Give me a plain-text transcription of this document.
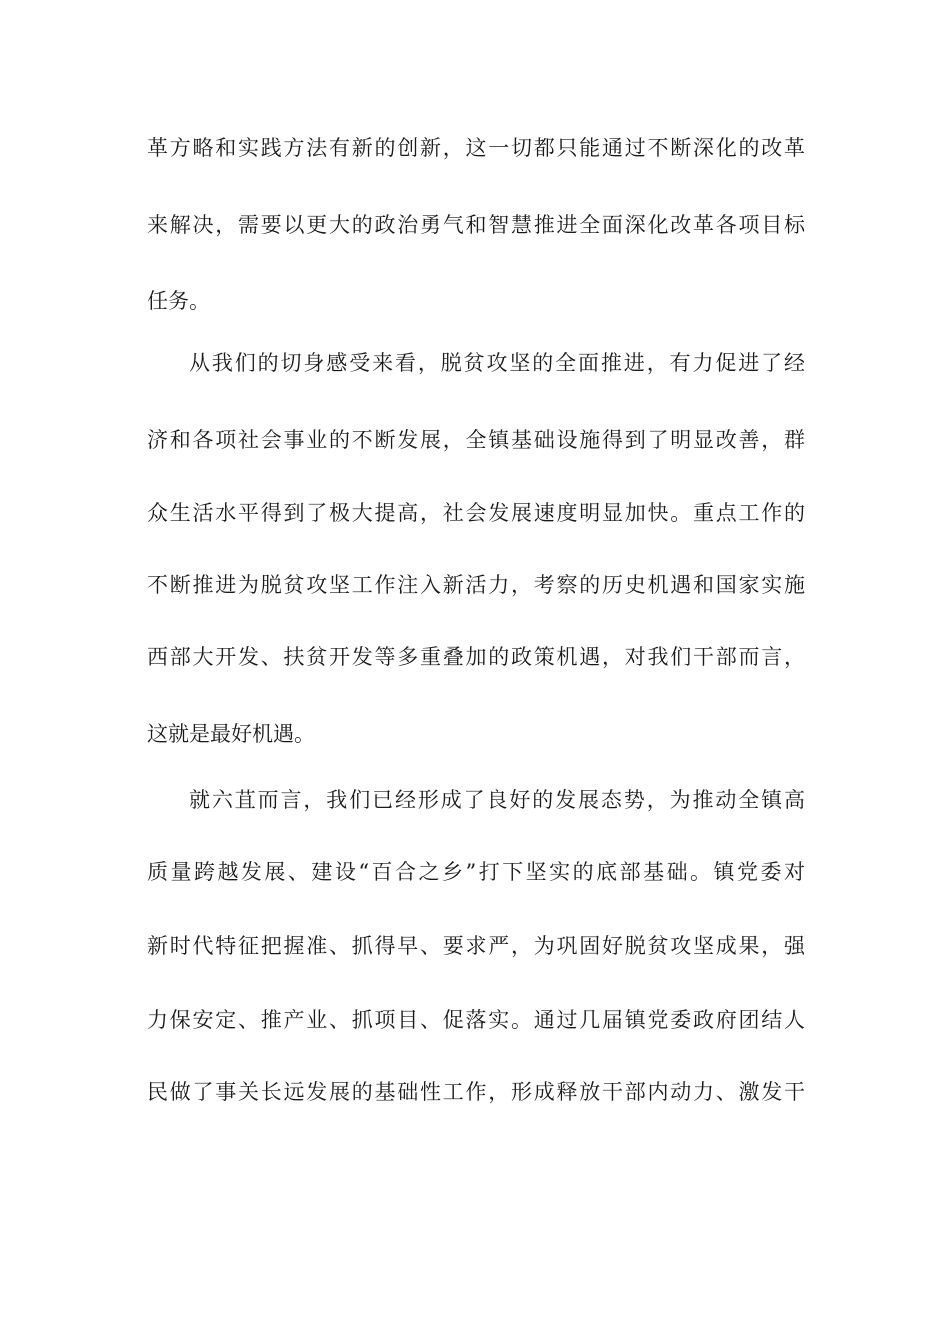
革方略和实践方法有新的创新，这一切都只能通过不断深化的改革
来解决，需要以更大的政治勇气和智慧推进全面深化改革各项目标
任务。
从我们的切身感受来看，脱贫攻坚的全面推进，有力促进了经
济和各项社会事业的不断发展，全镇基础设施得到了明显改善，群
众生活水平得到了极大提高，社会发展速度明显加快。重点工作的
不断推进为脱贫攻坚工作注入新活力，考察的历史机遇和国家实施
西部大开发、扶贫开发等多重叠加的政策机遇，对我们干部而言，
这就是最好机遇。
就六苴而言，我们已经形成了良好的发展态势，为推动全镇高
质量跨越发展、建设“百合之乡”打下坚实的底部基础。镇党委对
新时代特征把握准、抓得早、要求严，为巩固好脱贫攻坚成果，强
力保安定、推产业、抓项目、促落实。通过几届镇党委政府团结人
民做了事关长远发展的基础性工作，形成释放干部内动力、激发干
